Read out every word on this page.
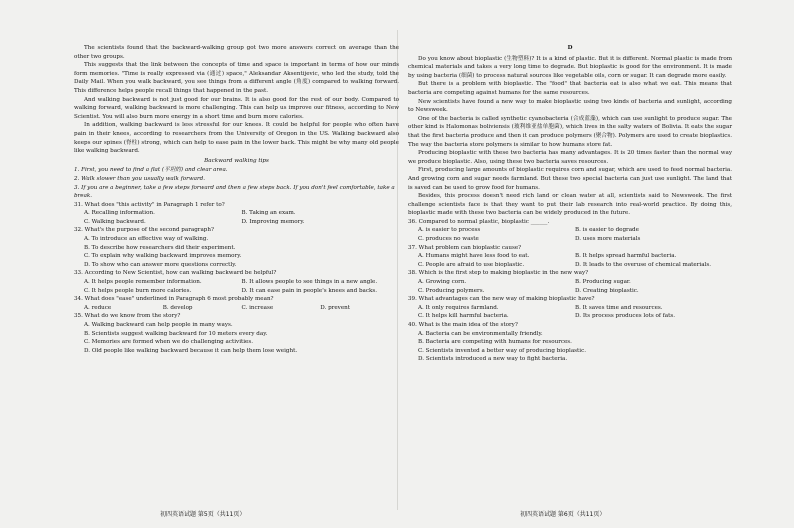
The scientists found that the backward-walking group got two more answers correct on average than the other two groups.

This suggests that the link between the concepts of time and space is important in terms of how our minds form memories. "Time is really expressed via (通过) space," Aleksandar Aksentijevic, who led the study, told the Daily Mail. When you walk backward, you see things from a different angle (角度) compared to walking forward. This difference helps people recall things that happened in the past.

And walking backward is not just good for our brains. It is also good for the rest of our body. Compared to walking forward, walking backward is more challenging. This can help us improve our fitness, according to New Scientist. You will also burn more energy in a short time and burn more calories.

In addition, walking backward is less stressful for our knees. It could be helpful for people who often have pain in their knees, according to researchers from the University of Oregon in the US. Walking backward also keeps our spines (脊柱) strong, which can help to ease pain in the lower back. This might be why many old people like walking backward.

Backward walking tips

1. First, you need to find a flat (平坦的) and clear area.

2. Walk slower than you usually walk forward.

3. If you are a beginner, take a few steps forward and then a few steps back. If you don't feel comfortable, take a break.

31. What does "this activity" in Paragraph 1 refer to?

A. Recalling information.	B. Taking an exam.
C. Walking backward.	D. Improving memory.

32. What's the purpose of the second paragraph?

A. To introduce an effective way of walking.
B. To describe how researchers did their experiment.
C. To explain why walking backward improves memory.
D. To show who can answer more questions correctly.

33. According to New Scientist, how can walking backward be helpful?

A. It helps people remember information.	B. It allows people to see things in a new angle.
C. It helps people burn more calories.	D. It can ease pain in people's knees and backs.

34. What does "ease" underlined in Paragraph 6 most probably mean?

A. reduce	B. develop	C. increase	D. prevent

35. What do we know from the story?

A. Walking backward can help people in many ways.
B. Scientists suggest walking backward for 10 meters every day.
C. Memories are formed when we do challenging activities.
D. Old people like walking backward because it can help them lose weight.
D

Do you know about bioplastic (生物塑料)? It is a kind of plastic. But it is different. Normal plastic is made from chemical materials and takes a very long time to degrade. But bioplastic is good for the environment. It is made by using bacteria (细菌) to process natural sources like vegetable oils, corn or sugar. It can degrade more easily.

But there is a problem with bioplastic. The "food" that bacteria eat is also what we eat. This means that bacteria are competing against humans for the same resources.

New scientists have found a new way to make bioplastic using two kinds of bacteria and sunlight, according to Newsweek.

One of the bacteria is called synthetic cyanobacteria (合成蓝藻), which can use sunlight to produce sugar. The other kind is Halomonas boliviensis (玻利维亚盐单胞菌), which lives in the salty waters of Bolivia. It eats the sugar that the first bacteria produce and then it can produce polymers (聚合物). Polymers are used to create bioplastics. The way the bacteria store polymers is similar to how humans store fat.

Producing bioplastic with these two bacteria has many advantages. It is 20 times faster than the normal way we produce bioplastic. Also, using these two bacteria saves resources.

First, producing large amounts of bioplastic requires corn and sugar, which are used to feed normal bacteria. And growing corn and sugar needs farmland. But these two special bacteria can just use sunlight. The land that is saved can be used to grow food for humans.

Besides, this process doesn't need rich land or clean water at all, scientists said to Newsweek. The first challenge scientists face is that they want to put their lab research into real-world practice. By doing this, bioplastic made with these two bacteria can be widely produced in the future.

36. Compared to normal plastic, bioplastic ______.

A. is easier to process	B. is easier to degrade
C. produces no waste	D. uses more materials

37. What problem can bioplastic cause?

A. Humans might have less food to eat.	B. It helps spread harmful bacteria.
C. People are afraid to use bioplastic.	D. It leads to the overuse of chemical materials.

38. Which is the first step to making bioplastic in the new way?

A. Growing corn.	B. Producing sugar.
C. Producing polymers.	D. Creating bioplastic.

39. What advantages can the new way of making bioplastic have?

A. It only requires farmland.	B. It saves time and resources.
C. It helps kill harmful bacteria.	D. Its process produces lots of fats.

40. What is the main idea of the story?

A. Bacteria can be environmentally friendly.
B. Bacteria are competing with humans for resources.
C. Scientists invented a better way of producing bioplastic.
D. Scientists introduced a new way to fight bacteria.
初四英语试题 第5页（共11页）	初四英语试题 第6页（共11页）
